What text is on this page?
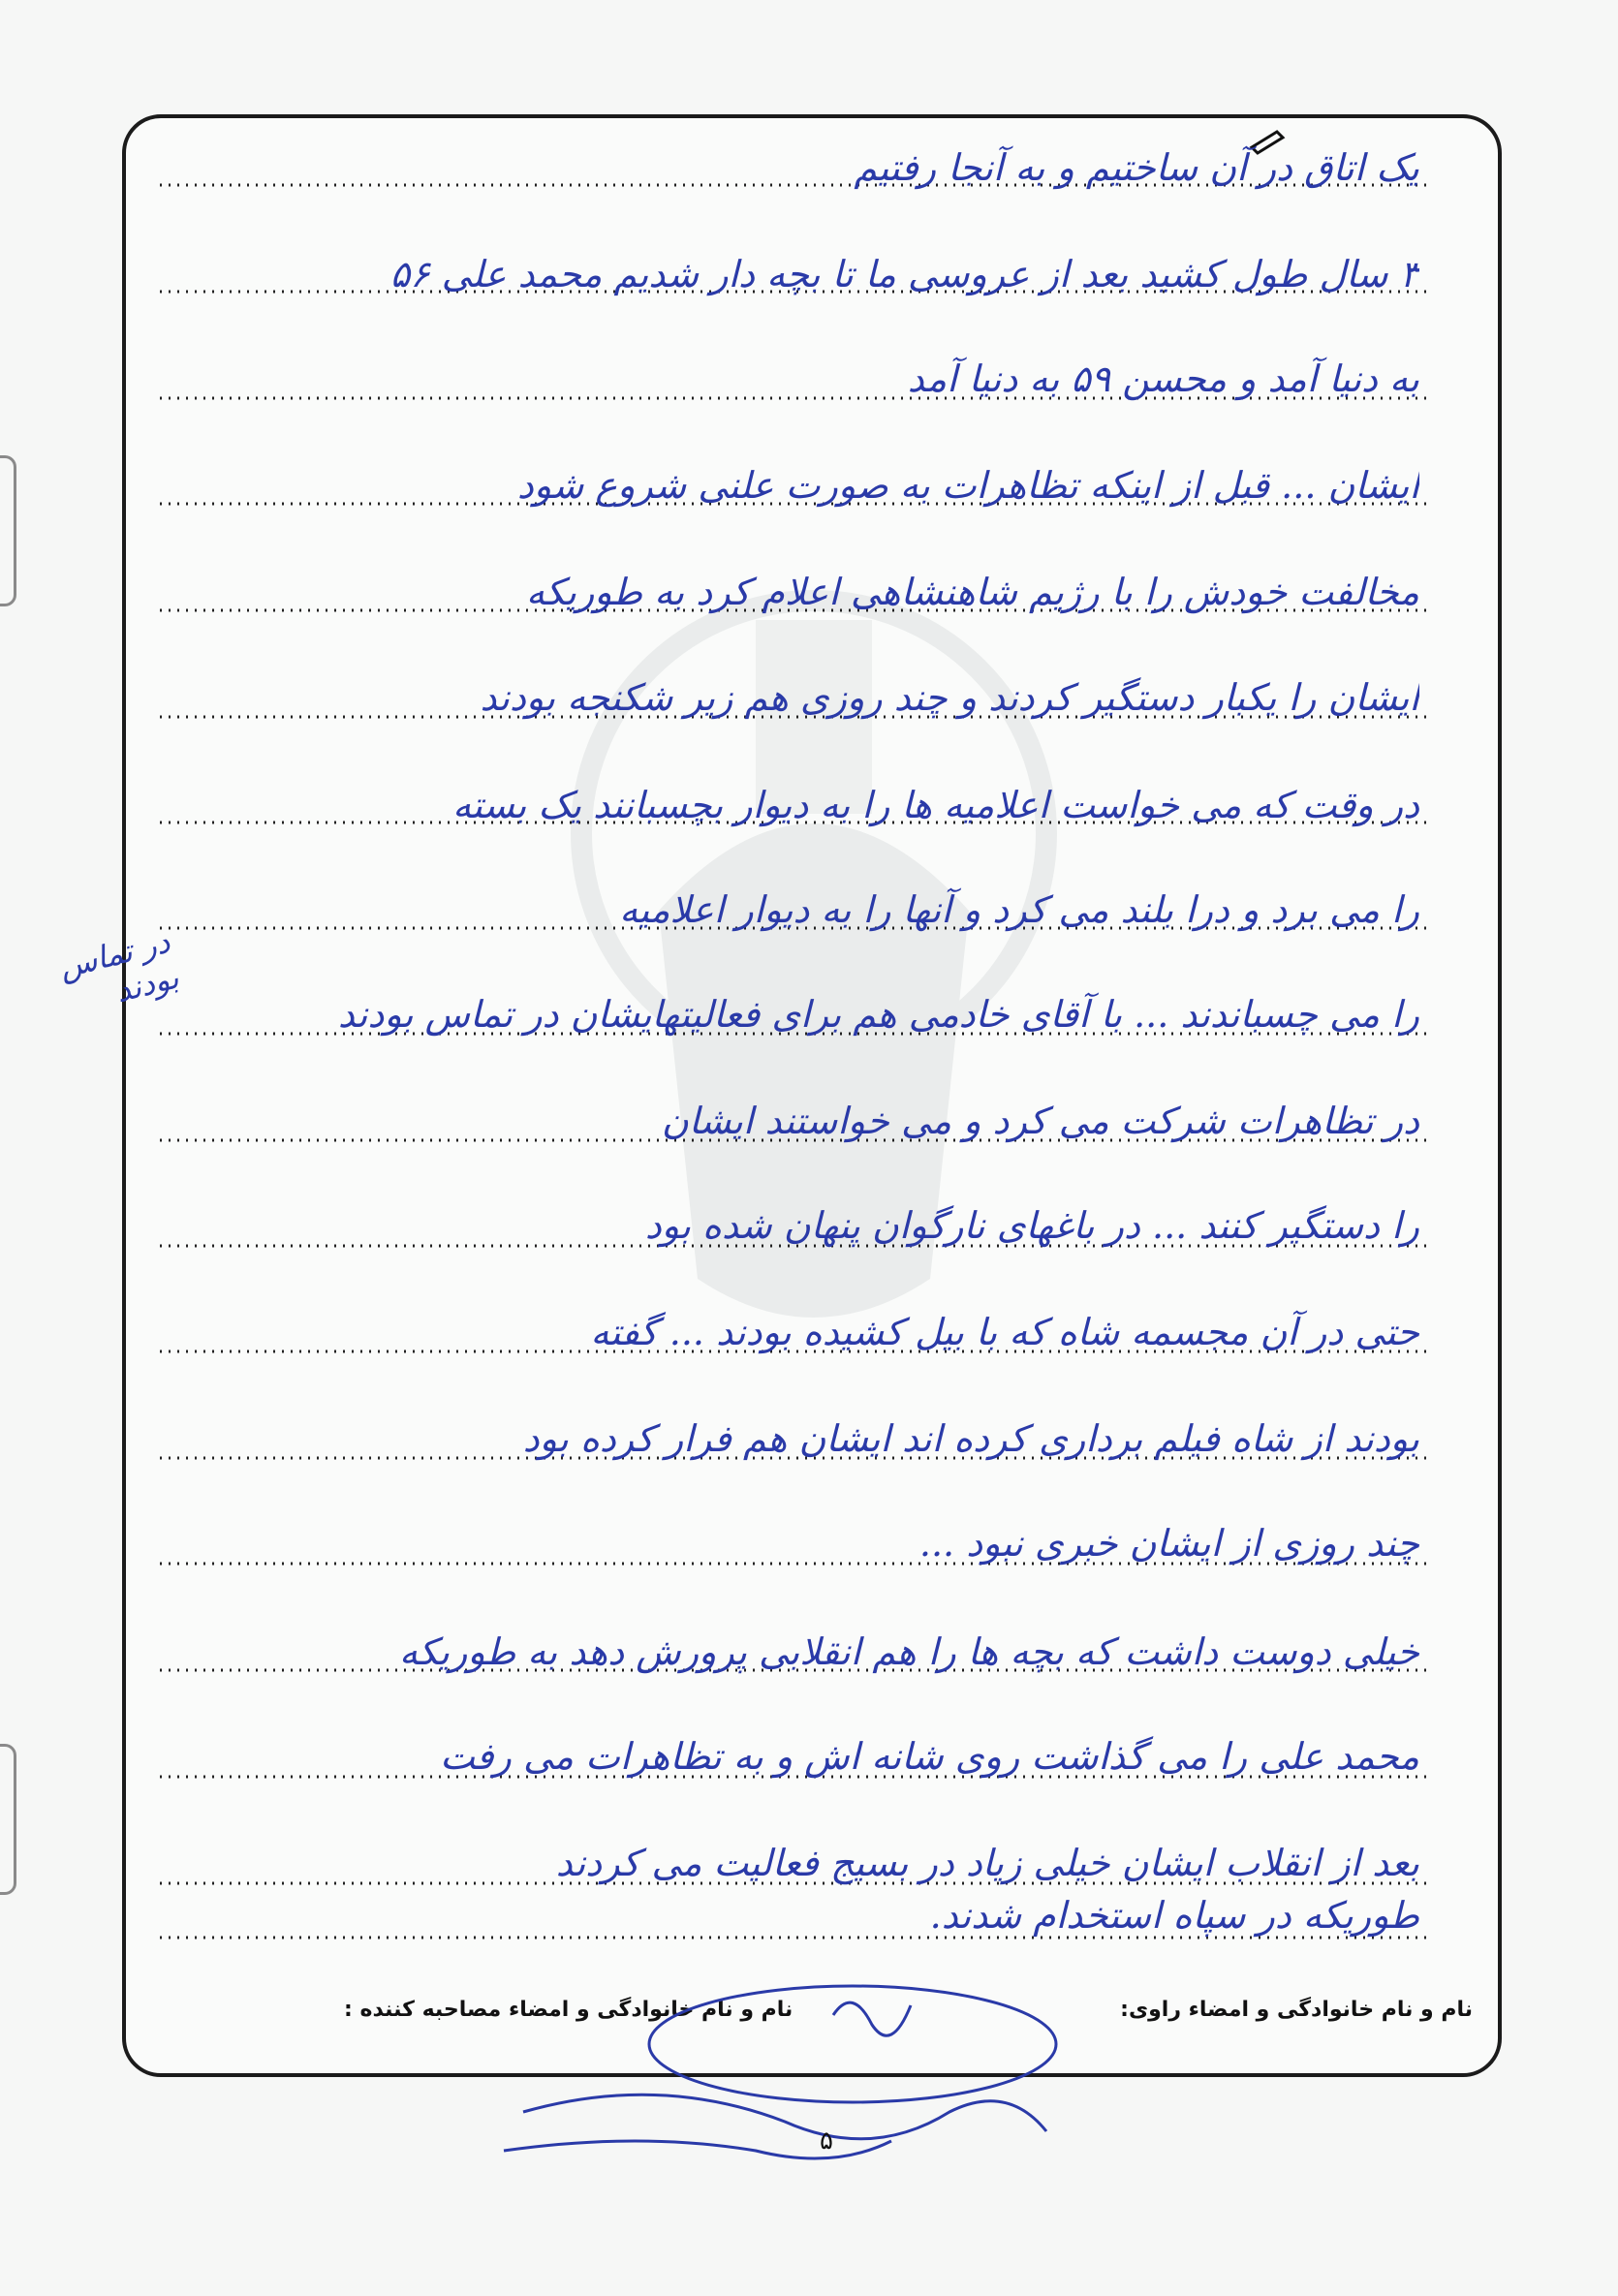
یک اتاق در آن ساختیم و به آنجا رفتیم
۳ سال طول کشید بعد از عروسی ما تا بچه دار شدیم محمد علی ۵۶
به دنیا آمد و محسن ۵۹ به دنیا آمد
ایشان ... قبل از اینکه تظاهرات به صورت علنی شروع شود
مخالفت خودش را با رژیم شاهنشاهی اعلام کرد به طوریکه
ایشان را یکبار دستگیر کردند و چند روزی هم زیر شکنجه بودند
در وقت که می خواست اعلامیه ها را به دیوار بچسبانند یک بسته
را می برد و درا بلند می کرد و آنها را به دیوار اعلامیه
را می چسباندند ... با آقای خادمی هم برای فعالیتهایشان در تماس بودند
در تظاهرات شرکت می کرد و می خواستند ایشان
را دستگیر کنند ... در باغهای نارگوان پنهان شده بود
حتی در آن مجسمه شاه که با بیل کشیده بودند ... گفته
بودند از شاه فیلم برداری کرده اند ایشان هم فرار کرده بود
چند روزی از ایشان خبری نبود ...
خیلی دوست داشت که بچه ها را هم انقلابی پرورش دهد به طوریکه
محمد علی را می گذاشت روی شانه اش و به تظاهرات می رفت
بعد از انقلاب ایشان خیلی زیاد در بسیج فعالیت می کردند
طوریکه در سپاه استخدام شدند.
در تماس بودند
نام و نام خانوادگی و امضاء راوی:
نام و نام خانوادگی و امضاء مصاحبه کننده :
۵
